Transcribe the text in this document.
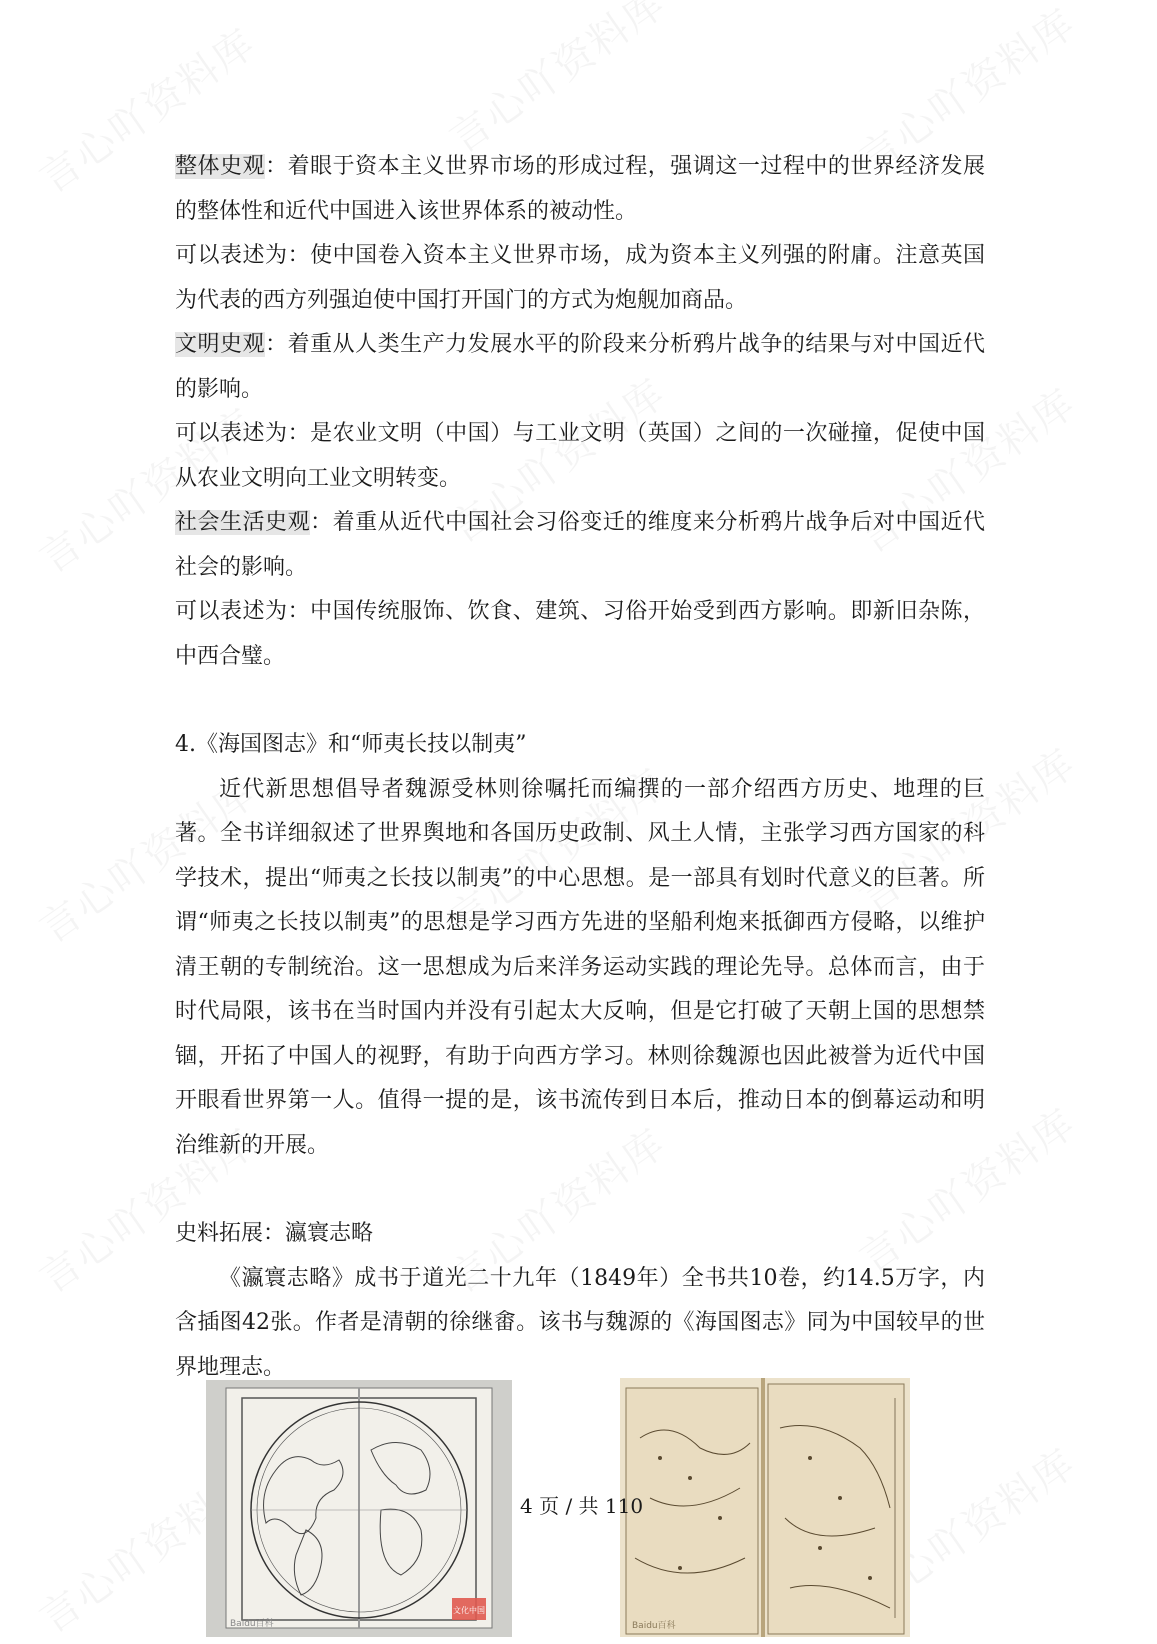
整体史观：着眼于资本主义世界市场的形成过程，强调这一过程中的世界经济发展的整体性和近代中国进入该世界体系的被动性。

可以表述为：使中国卷入资本主义世界市场，成为资本主义列强的附庸。注意英国为代表的西方列强迫使中国打开国门的方式为炮舰加商品。

文明史观：着重从人类生产力发展水平的阶段来分析鸦片战争的结果与对中国近代的影响。

可以表述为：是农业文明（中国）与工业文明（英国）之间的一次碰撞，促使中国从农业文明向工业文明转变。

社会生活史观：着重从近代中国社会习俗变迁的维度来分析鸦片战争后对中国近代社会的影响。

可以表述为：中国传统服饰、饮食、建筑、习俗开始受到西方影响。即新旧杂陈，中西合璧。

4.《海国图志》和“师夷长技以制夷”

近代新思想倡导者魏源受林则徐嘱托而编撰的一部介绍西方历史、地理的巨著。全书详细叙述了世界舆地和各国历史政制、风土人情，主张学习西方国家的科学技术，提出“师夷之长技以制夷”的中心思想。是一部具有划时代意义的巨著。所谓“师夷之长技以制夷”的思想是学习西方先进的坚船利炮来抵御西方侵略，以维护清王朝的专制统治。这一思想成为后来洋务运动实践的理论先导。总体而言，由于时代局限，该书在当时国内并没有引起太大反响，但是它打破了天朝上国的思想禁锢，开拓了中国人的视野，有助于向西方学习。林则徐魏源也因此被誉为近代中国开眼看世界第一人。值得一提的是，该书流传到日本后，推动日本的倒幕运动和明治维新的开展。

史料拓展：瀛寰志略

《瀛寰志略》成书于道光二十九年（1849年）全书共10卷，约14.5万字，内含插图42张。作者是清朝的徐继畬。该书与魏源的《海国图志》同为中国较早的世界地理志。

文化中国
Baidu百科	Baidu百科
4 页 / 共 110
